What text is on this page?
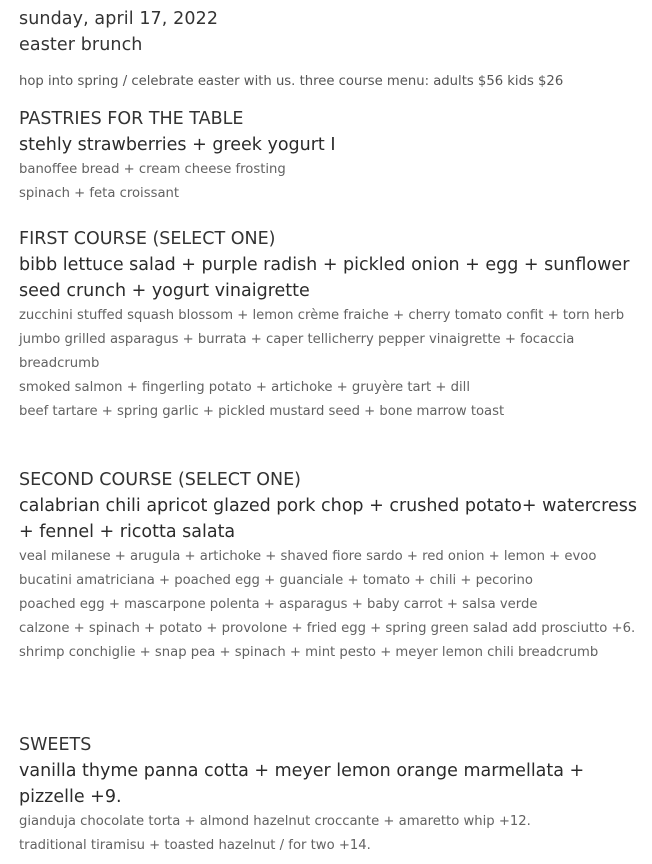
sunday, april 17, 2022
easter brunch
hop into spring / celebrate easter with us. three course menu: adults $56 kids $26
PASTRIES FOR THE TABLE
stehly strawberries + greek yogurt I
banoffee bread + cream cheese frosting
spinach + feta croissant
FIRST COURSE (SELECT ONE)
bibb lettuce salad + purple radish + pickled onion + egg + sunflower seed crunch + yogurt vinaigrette
zucchini stuffed squash blossom + lemon crème fraiche + cherry tomato confit + torn herb
jumbo grilled asparagus + burrata + caper tellicherry pepper vinaigrette + focaccia breadcrumb
smoked salmon + fingerling potato + artichoke + gruyère tart + dill
beef tartare + spring garlic + pickled mustard seed + bone marrow toast
SECOND COURSE (SELECT ONE)
calabrian chili apricot glazed pork chop + crushed potato+ watercress + fennel + ricotta salata
veal milanese + arugula + artichoke + shaved fiore sardo + red onion + lemon + evoo
bucatini amatriciana + poached egg + guanciale + tomato + chili + pecorino
poached egg + mascarpone polenta + asparagus + baby carrot + salsa verde
calzone + spinach + potato + provolone + fried egg + spring green salad add prosciutto +6.
shrimp conchiglie + snap pea + spinach + mint pesto + meyer lemon chili breadcrumb
SWEETS
vanilla thyme panna cotta + meyer lemon orange marmellata + pizzelle +9.
gianduja chocolate torta + almond hazelnut croccante + amaretto whip +12.
traditional tiramisu + toasted hazelnut / for two +14.
